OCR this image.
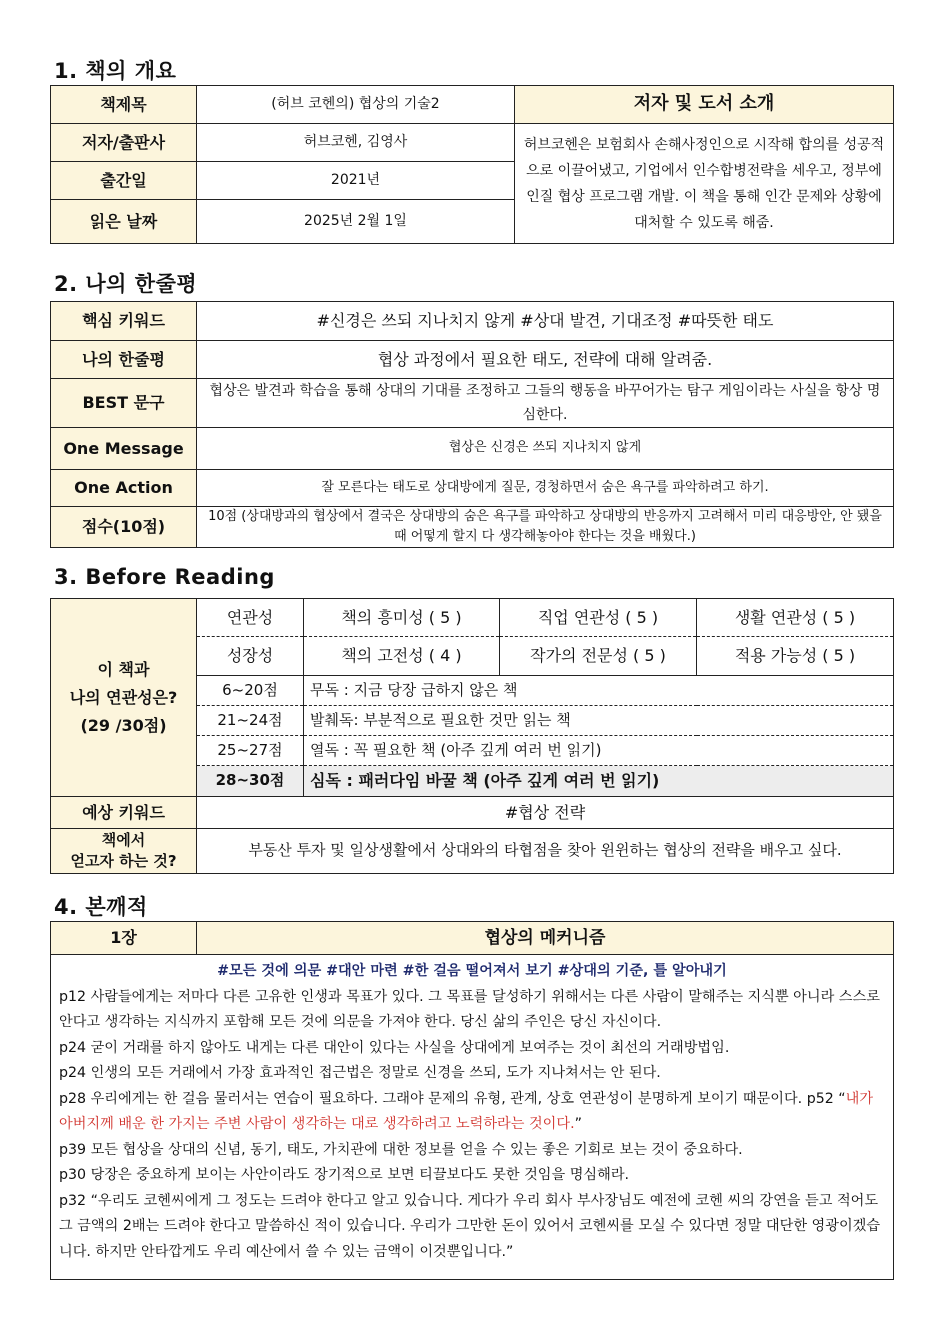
1. 책의 개요
책제목	(허브 코헨의) 협상의 기술2	저자 및 도서 소개
저자/출판사	허브코헨, 김영사	허브코헨은 보험회사 손해사정인으로 시작해 합의를 성공적으로 이끌어냈고, 기업에서 인수합병전략을 세우고, 정부에 인질 협상 프로그램 개발. 이 책을 통해 인간 문제와 상황에 대처할 수 있도록 해줌.
출간일	2021년	
읽은 날짜	2025년 2월 1일	
2. 나의 한줄평
핵심 키워드	#신경은 쓰되 지나치지 않게 #상대 발견, 기대조정 #따뜻한 태도
나의 한줄평	협상 과정에서 필요한 태도, 전략에 대해 알려줌.
BEST 문구	협상은 발견과 학습을 통해 상대의 기대를 조정하고 그들의 행동을 바꾸어가는 탐구 게임이라는 사실을 항상 명심한다.
One Message	협상은 신경은 쓰되 지나치지 않게
One Action	잘 모른다는 태도로 상대방에게 질문, 경청하면서 숨은 욕구를 파악하려고 하기.
점수(10점)	10점 (상대방과의 협상에서 결국은 상대방의 숨은 욕구를 파악하고 상대방의 반응까지 고려해서 미리 대응방안, 안 됐을 때 어떻게 할지 다 생각해놓아야 한다는 것을 배웠다.)
3. Before Reading
이 책과
나의 연관성은?
(29 /30점)	연관성	책의 흥미성 ( 5 )	직업 연관성 ( 5 )	생활 연관성 ( 5 )
	성장성	책의 고전성 ( 4 )	작가의 전문성 ( 5 )	적용 가능성 ( 5 )
	6~20점	무독 : 지금 당장 급하지 않은 책		
	21~24점	발췌독: 부분적으로 필요한 것만 읽는 책		
	25~27점	열독 : 꼭 필요한 책 (아주 깊게 여러 번 읽기)		
	28~30점	심독 : 패러다임 바꿀 책 (아주 깊게 여러 번 읽기)		
예상 키워드	#협상 전략			
책에서
얻고자 하는 것?	부동산 투자 및 일상생활에서 상대와의 타협점을 찾아 윈윈하는 협상의 전략을 배우고 싶다.			
4. 본깨적
1장	협상의 메커니즘

#모든 것에 의문 #대안 마련 #한 걸음 떨어져서 보기 #상대의 기준, 틀 알아내기

p12 사람들에게는 저마다 다른 고유한 인생과 목표가 있다. 그 목표를 달성하기 위해서는 다른 사람이 말해주는 지식뿐 아니라 스스로 안다고 생각하는 지식까지 포함해 모든 것에 의문을 가져야 한다. 당신 삶의 주인은 당신 자신이다.

p24 굳이 거래를 하지 않아도 내게는 다른 대안이 있다는 사실을 상대에게 보여주는 것이 최선의 거래방법임.

p24 인생의 모든 거래에서 가장 효과적인 접근법은 정말로 신경을 쓰되, 도가 지나쳐서는 안 된다.

p28 우리에게는 한 걸음 물러서는 연습이 필요하다. 그래야 문제의 유형, 관계, 상호 연관성이 분명하게 보이기 때문이다. p52 “내가 아버지께 배운 한 가지는 주변 사람이 생각하는 대로 생각하려고 노력하라는 것이다.”

p39 모든 협상을 상대의 신념, 동기, 태도, 가치관에 대한 정보를 얻을 수 있는 좋은 기회로 보는 것이 중요하다.

p30 당장은 중요하게 보이는 사안이라도 장기적으로 보면 티끌보다도 못한 것임을 명심해라.

p32 “우리도 코헨씨에게 그 정도는 드려야 한다고 알고 있습니다. 게다가 우리 회사 부사장님도 예전에 코헨 씨의 강연을 듣고 적어도 그 금액의 2배는 드려야 한다고 말씀하신 적이 있습니다. 우리가 그만한 돈이 있어서 코헨씨를 모실 수 있다면 정말 대단한 영광이겠습니다. 하지만 안타깝게도 우리 예산에서 쓸 수 있는 금액이 이것뿐입니다.”
